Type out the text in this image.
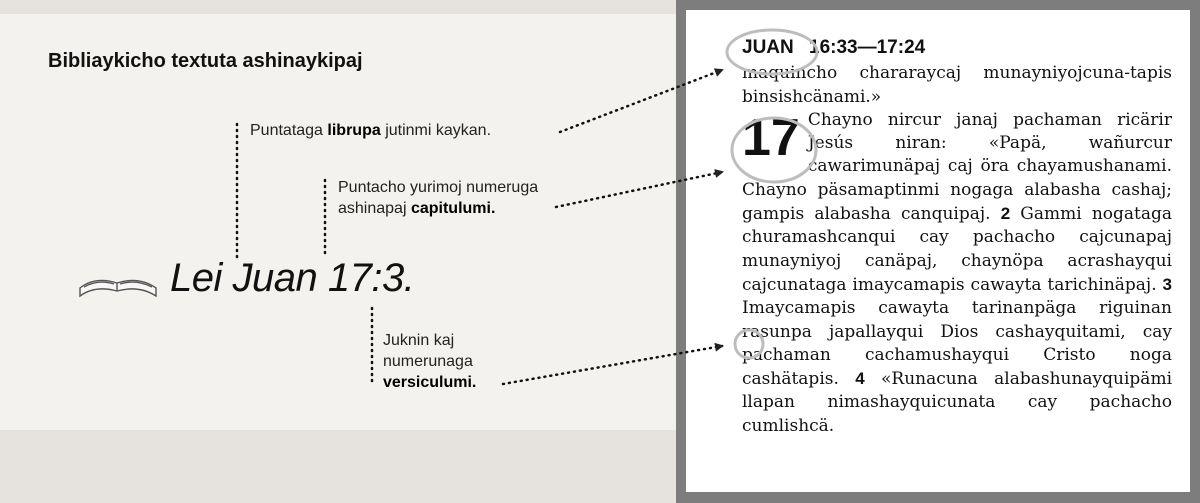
Bibliaykicho textuta ashinaykipaj
Puntataga librupa jutinmi kaykan.
Puntacho yurimoj numeruga ashinapaj capitulumi.
Juknin kaj numerunaga versiculumi.
Lei Juan 17:3.
JUAN 16:33—17:24

maquincho chararaycaj munayniyojcuna-tapis binsishcänami.»

17 Chayno nircur janaj pachaman ricärir Jesús niran: «Papä, wañurcur cawarimunäpaj caj öra chayamushanami. Chayno päsamaptinmi nogaga alabasha cashaj; gampis alabasha canquipaj. 2 Gammi nogataga churamashcanqui cay pachacho cajcunapaj munayniyoj canäpaj, chaynöpa acrashayqui cajcunataga imaycamapis cawayta tarichinäpaj. 3 Imaycamapis cawayta tarinanpäga riguinan rasunpa japallayqui Dios cashayquitami, cay pachaman cachamushayqui Cristo noga cashätapis. 4 «Runacuna alabashunayquipämi llapan nimashayquicunata cay pachacho cumlishcä.
